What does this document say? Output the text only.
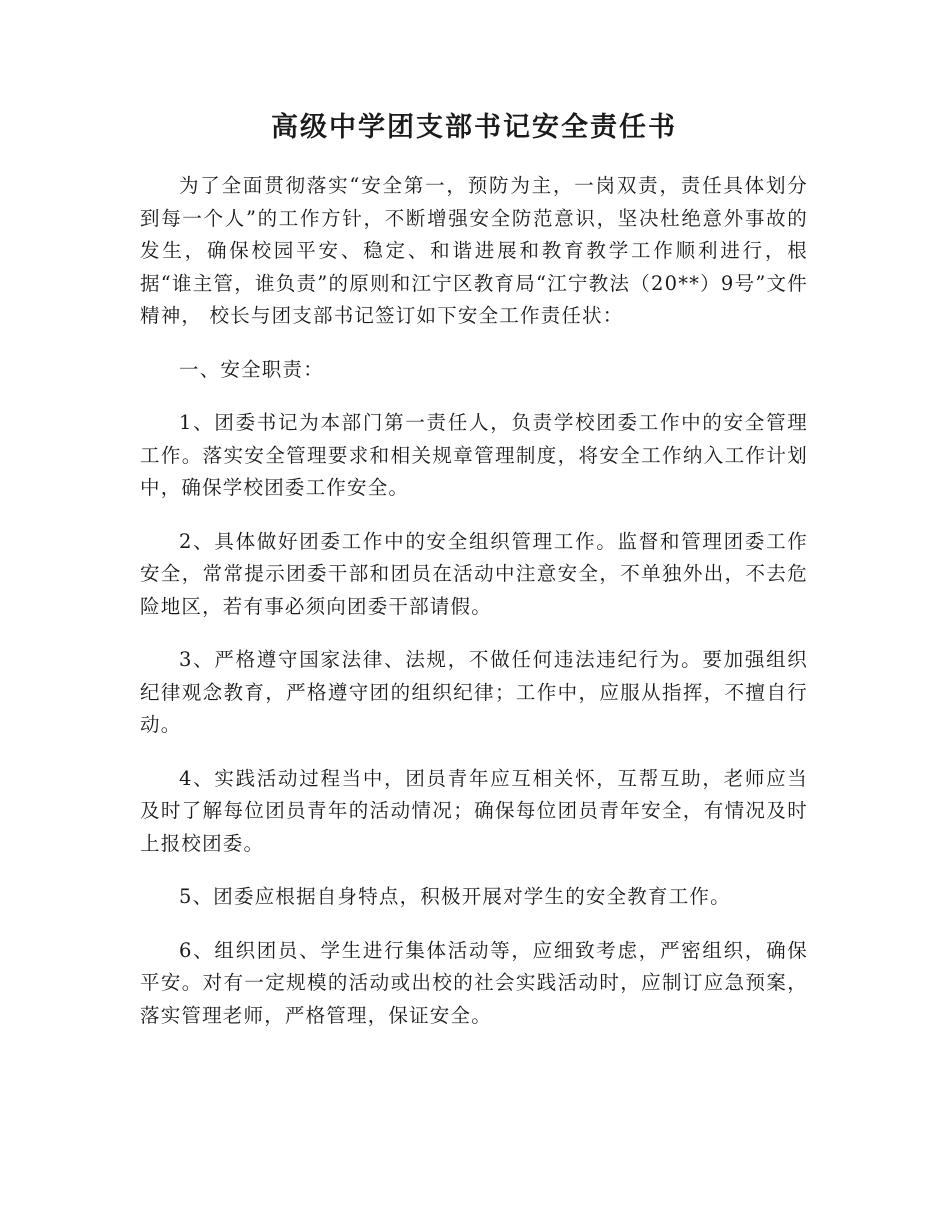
高级中学团支部书记安全责任书

为了全面贯彻落实“安全第一，预防为主，一岗双责，责任具体划分到每一个人”的工作方针，不断增强安全防范意识，坚决杜绝意外事故的发生，确保校园平安、稳定、和谐进展和教育教学工作顺利进行，根据“谁主管，谁负责”的原则和江宁区教育局“江宁教法（20**）9号”文件精神， 校长与团支部书记签订如下安全工作责任状：

一、安全职责：

1、团委书记为本部门第一责任人，负责学校团委工作中的安全管理工作。落实安全管理要求和相关规章管理制度，将安全工作纳入工作计划中，确保学校团委工作安全。

2、具体做好团委工作中的安全组织管理工作。监督和管理团委工作安全，常常提示团委干部和团员在活动中注意安全，不单独外出，不去危险地区，若有事必须向团委干部请假。

3、严格遵守国家法律、法规，不做任何违法违纪行为。要加强组织纪律观念教育，严格遵守团的组织纪律；工作中，应服从指挥，不擅自行动。

4、实践活动过程当中，团员青年应互相关怀，互帮互助，老师应当及时了解每位团员青年的活动情况；确保每位团员青年安全，有情况及时上报校团委。

5、团委应根据自身特点，积极开展对学生的安全教育工作。

6、组织团员、学生进行集体活动等，应细致考虑，严密组织，确保平安。对有一定规模的活动或出校的社会实践活动时，应制订应急预案，落实管理老师，严格管理，保证安全。
